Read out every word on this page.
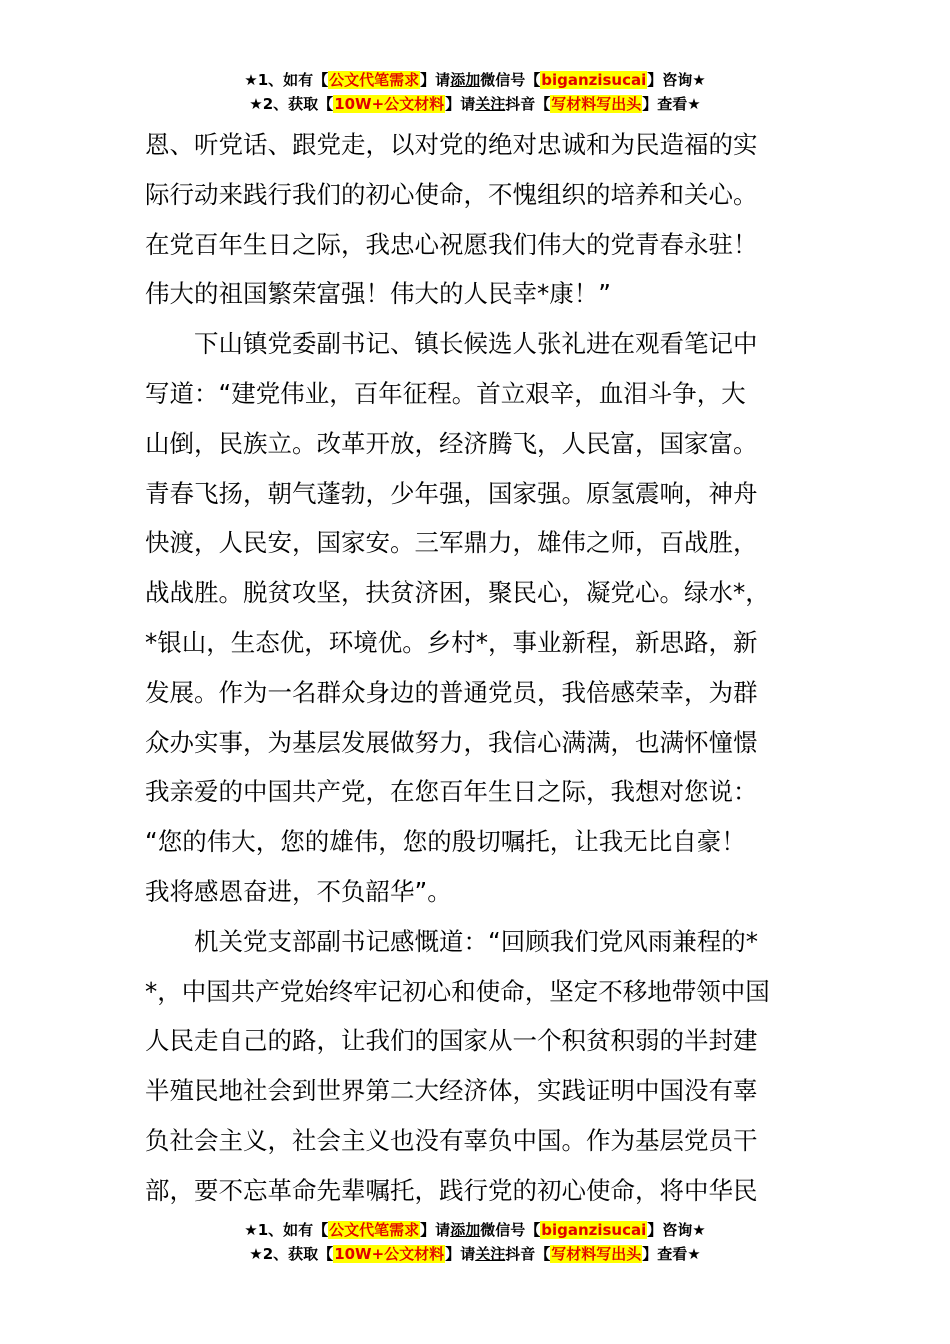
★1、如有【公文代笔需求】请添加微信号【biganzisucai】咨询★
★2、获取【10W+公文材料】请关注抖音【写材料写出头】查看★
恩、听党话、跟党走，以对党的绝对忠诚和为民造福的实
际行动来践行我们的初心使命，不愧组织的培养和关心。
在党百年生日之际，我忠心祝愿我们伟大的党青春永驻！
伟大的祖国繁荣富强！伟大的人民幸*康！”
　　下山镇党委副书记、镇长候选人张礼进在观看笔记中
写道：“建党伟业，百年征程。首立艰辛，血泪斗争，大
山倒，民族立。改革开放，经济腾飞，人民富，国家富。
青春飞扬，朝气蓬勃，少年强，国家强。原氢震响，神舟
快渡，人民安，国家安。三军鼎力，雄伟之师，百战胜，
战战胜。脱贫攻坚，扶贫济困，聚民心，凝党心。绿水*，
*银山，生态优，环境优。乡村*，事业新程，新思路，新
发展。作为一名群众身边的普通党员，我倍感荣幸，为群
众办实事，为基层发展做努力，我信心满满，也满怀憧憬
我亲爱的中国共产党，在您百年生日之际，我想对您说：
“您的伟大，您的雄伟，您的殷切嘱托，让我无比自豪！
我将感恩奋进，不负韶华”。
　　机关党支部副书记感慨道：“回顾我们党风雨兼程的*
*，中国共产党始终牢记初心和使命，坚定不移地带领中国
人民走自己的路，让我们的国家从一个积贫积弱的半封建
半殖民地社会到世界第二大经济体，实践证明中国没有辜
负社会主义，社会主义也没有辜负中国。作为基层党员干
部，要不忘革命先辈嘱托，践行党的初心使命，将中华民
★1、如有【公文代笔需求】请添加微信号【biganzisucai】咨询★
★2、获取【10W+公文材料】请关注抖音【写材料写出头】查看★
